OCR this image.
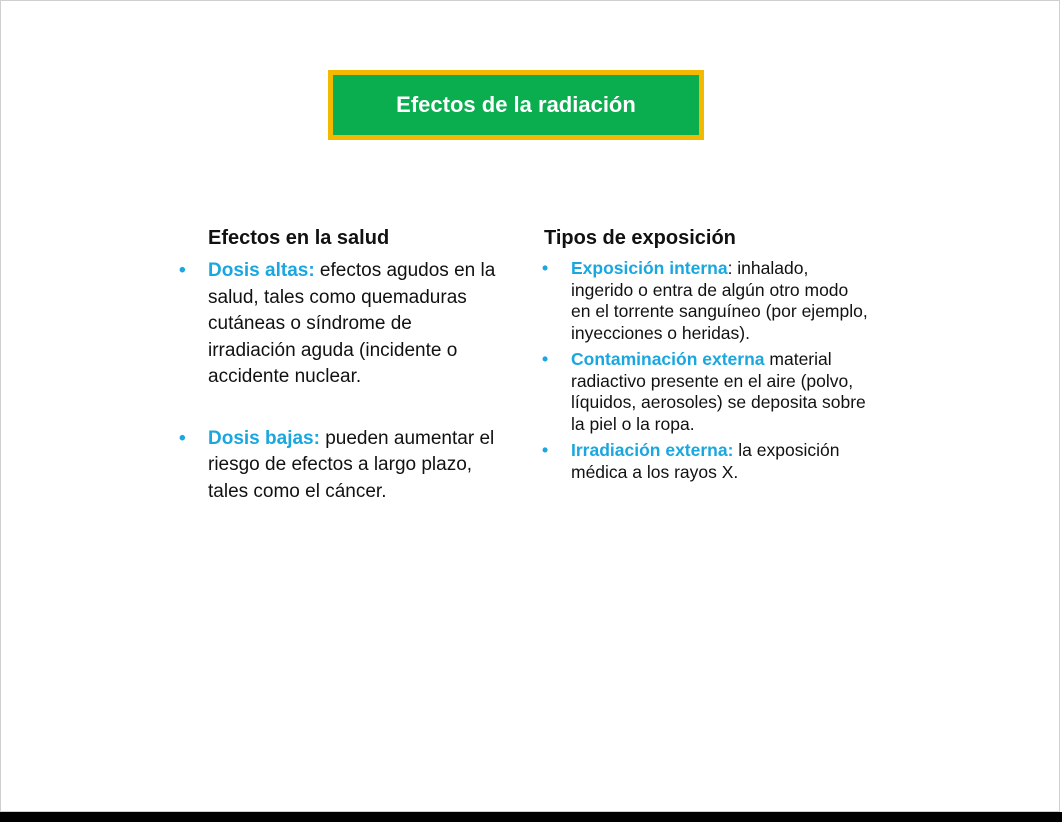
Efectos de la radiación
Efectos en la salud
• Dosis altas: efectos agudos en la salud, tales como quemaduras cutáneas o síndrome de irradiación aguda (incidente o accidente nuclear.
• Dosis bajas: pueden aumentar el riesgo de efectos a largo plazo, tales como el cáncer.
Tipos de exposición
• Exposición interna: inhalado, ingerido o entra de algún otro modo en el torrente sanguíneo (por ejemplo, inyecciones o heridas).
• Contaminación externa material radiactivo presente en el aire (polvo, líquidos, aerosoles) se deposita sobre la piel o la ropa.
• Irradiación externa: la exposición médica a los rayos X.
